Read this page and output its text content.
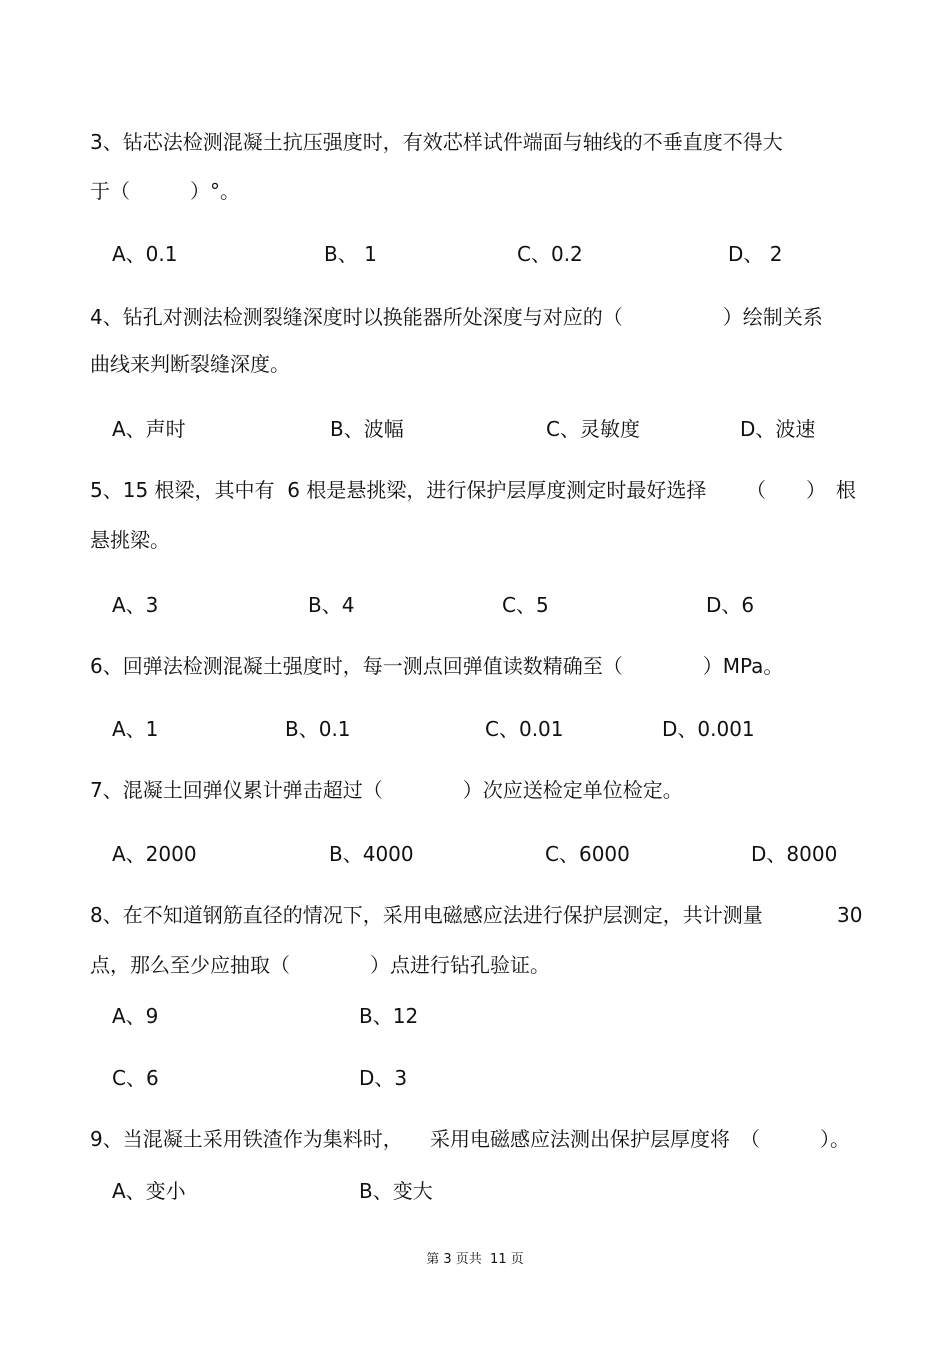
3、钻芯法检测混凝土抗压强度时，有效芯样试件端面与轴线的不垂直度不得大
于（　　　）°。
A、0.1	B、 1	C、0.2	D、 2
4、钻孔对测法检测裂缝深度时以换能器所处深度与对应的（　　　　　）绘制关系
曲线来判断裂缝深度。
A、声时	B、波幅	C、灵敏度	D、波速
5、15 根梁，其中有  6 根是悬挑梁，进行保护层厚度测定时最好选择 （　　）　根
悬挑梁。
A、3	B、4	C、5	D、6
6、回弹法检测混凝土强度时，每一测点回弹值读数精确至（　　　　）MPa。
A、1	B、0.1	C、0.01	D、0.001
7、混凝土回弹仪累计弹击超过（　　　　）次应送检定单位检定。
A、2000	B、4000	C、6000	D、8000
8、在不知道钢筋直径的情况下，采用电磁感应法进行保护层测定，共计测量	30
点，那么至少应抽取（　　　　）点进行钻孔验证。
A、9	B、12
C、6	D、3
9、当混凝土采用铁渣作为集料时， 采用电磁感应法测出保护层厚度将　（　　　）。
A、变小	B、变大
第 3 页共  11 页
